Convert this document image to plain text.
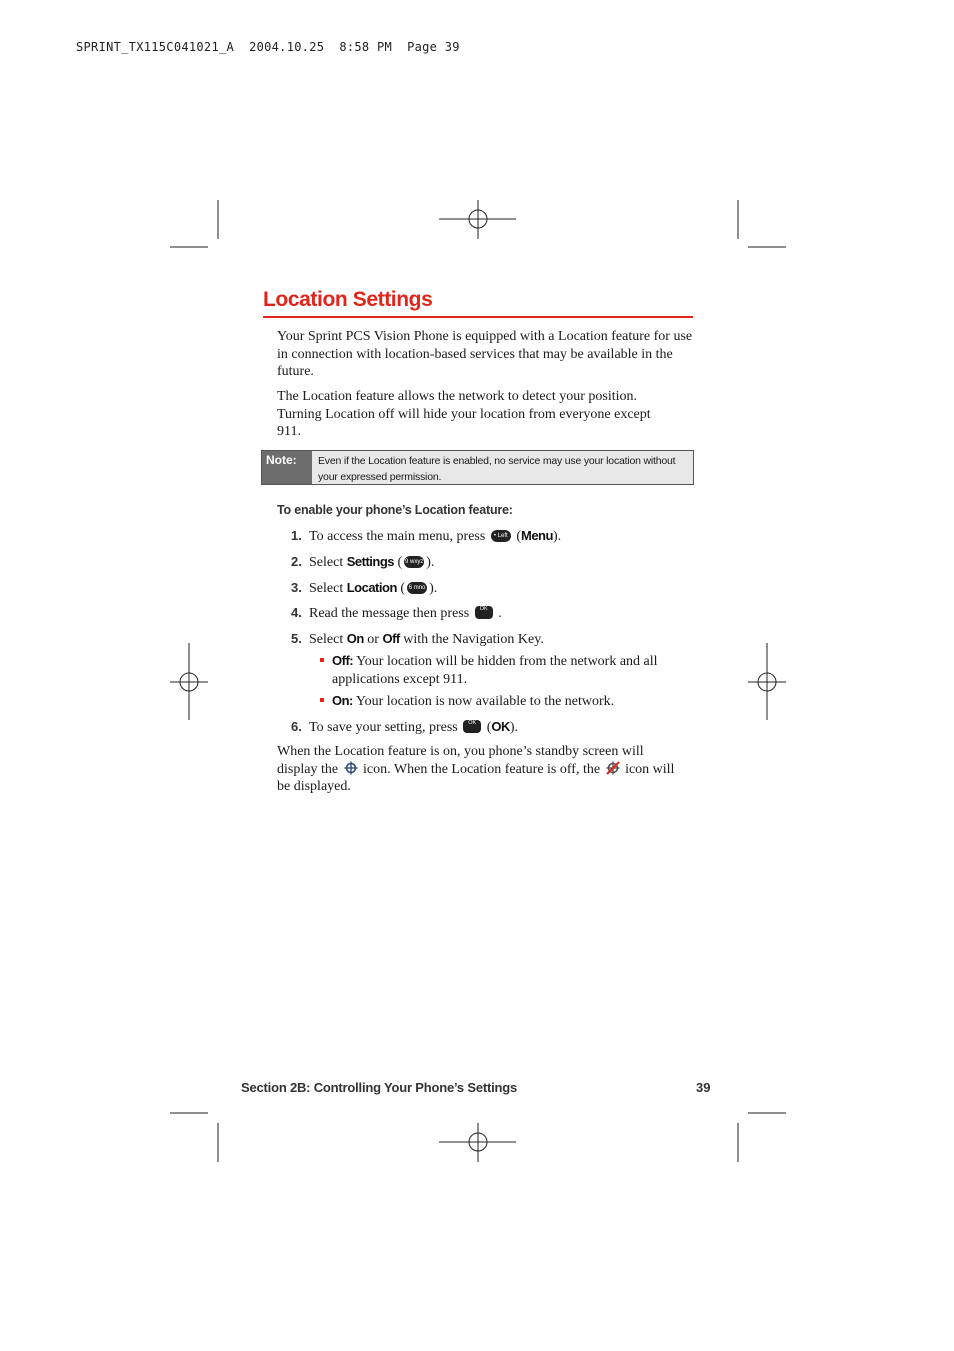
SPRINT_TX115C041021_A  2004.10.25  8:58 PM  Page 39
Location Settings
Your Sprint PCS Vision Phone is equipped with a Location feature for use in connection with location-based services that may be available in the future.
The Location feature allows the network to detect your position. Turning Location off will hide your location from everyone except 911.
Note:	Even if the Location feature is enabled, no service may use your location without your expressed permission.
To enable your phone’s Location feature:
1. To access the main menu, press • Left (Menu).
2. Select Settings ( 9 wxyz ).
3. Select Location ( 6 mno ).
4. Read the message then press OK .
5. Select On or Off with the Navigation Key.
Off: Your location will be hidden from the network and all applications except 911.
On: Your location is now available to the network.
6. To save your setting, press OK (OK).
When the Location feature is on, you phone’s standby screen will display the icon. When the Location feature is off, the icon will be displayed.
Section 2B: Controlling Your Phone’s Settings	39
